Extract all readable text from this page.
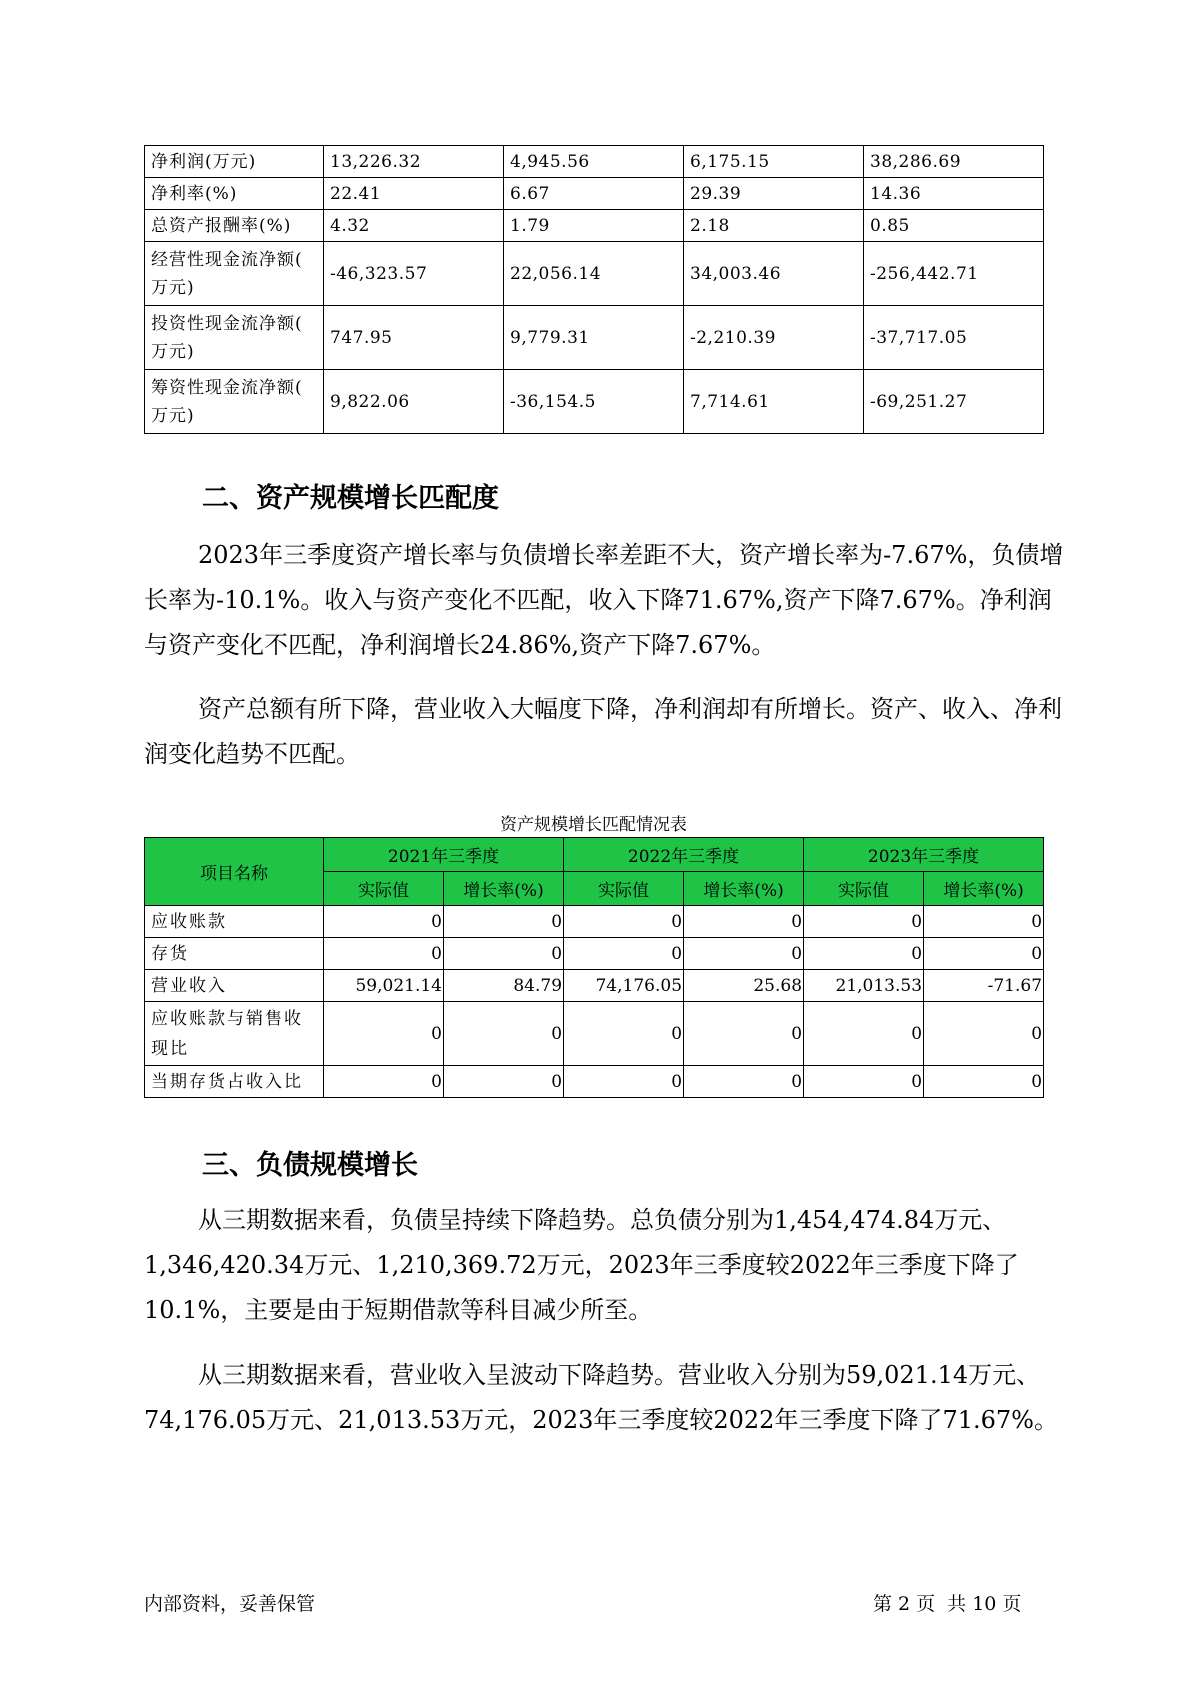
净利润(万元)	13,226.32	4,945.56	6,175.15	38,286.69
净利率(%)	22.41	6.67	29.39	14.36
总资产报酬率(%)	4.32	1.79	2.18	0.85
经营性现金流净额(
万元)	-46,323.57	22,056.14	34,003.46	-256,442.71
投资性现金流净额(
万元)	747.95	9,779.31	-2,210.39	-37,717.05
筹资性现金流净额(
万元)	9,822.06	-36,154.5	7,714.61	-69,251.27
二、资产规模增长匹配度

2023年三季度资产增长率与负债增长率差距不大，资产增长率为-7.67%，负债增长率为-10.1%。收入与资产变化不匹配，收入下降71.67%,资产下降7.67%。净利润与资产变化不匹配，净利润增长24.86%,资产下降7.67%。

资产总额有所下降，营业收入大幅度下降，净利润却有所增长。资产、收入、净利润变化趋势不匹配。

资产规模增长匹配情况表

项目名称	2021年三季度		2022年三季度		2023年三季度	
	实际值	增长率(%)	实际值	增长率(%)	实际值	增长率(%)
应收账款	0	0	0	0	0	0
存货	0	0	0	0	0	0
营业收入	59,021.14	84.79	74,176.05	25.68	21,013.53	-71.67
应收账款与销售收
现比	0	0	0	0	0	0
当期存货占收入比	0	0	0	0	0	0
三、负债规模增长

从三期数据来看，负债呈持续下降趋势。总负债分别为1,454,474.84万元、1,346,420.34万元、1,210,369.72万元，2023年三季度较2022年三季度下降了10.1%，主要是由于短期借款等科目减少所至。

从三期数据来看，营业收入呈波动下降趋势。营业收入分别为59,021.14万元、74,176.05万元、21,013.53万元，2023年三季度较2022年三季度下降了71.67%。

内部资料，妥善保管	第 2 页 共 10 页
